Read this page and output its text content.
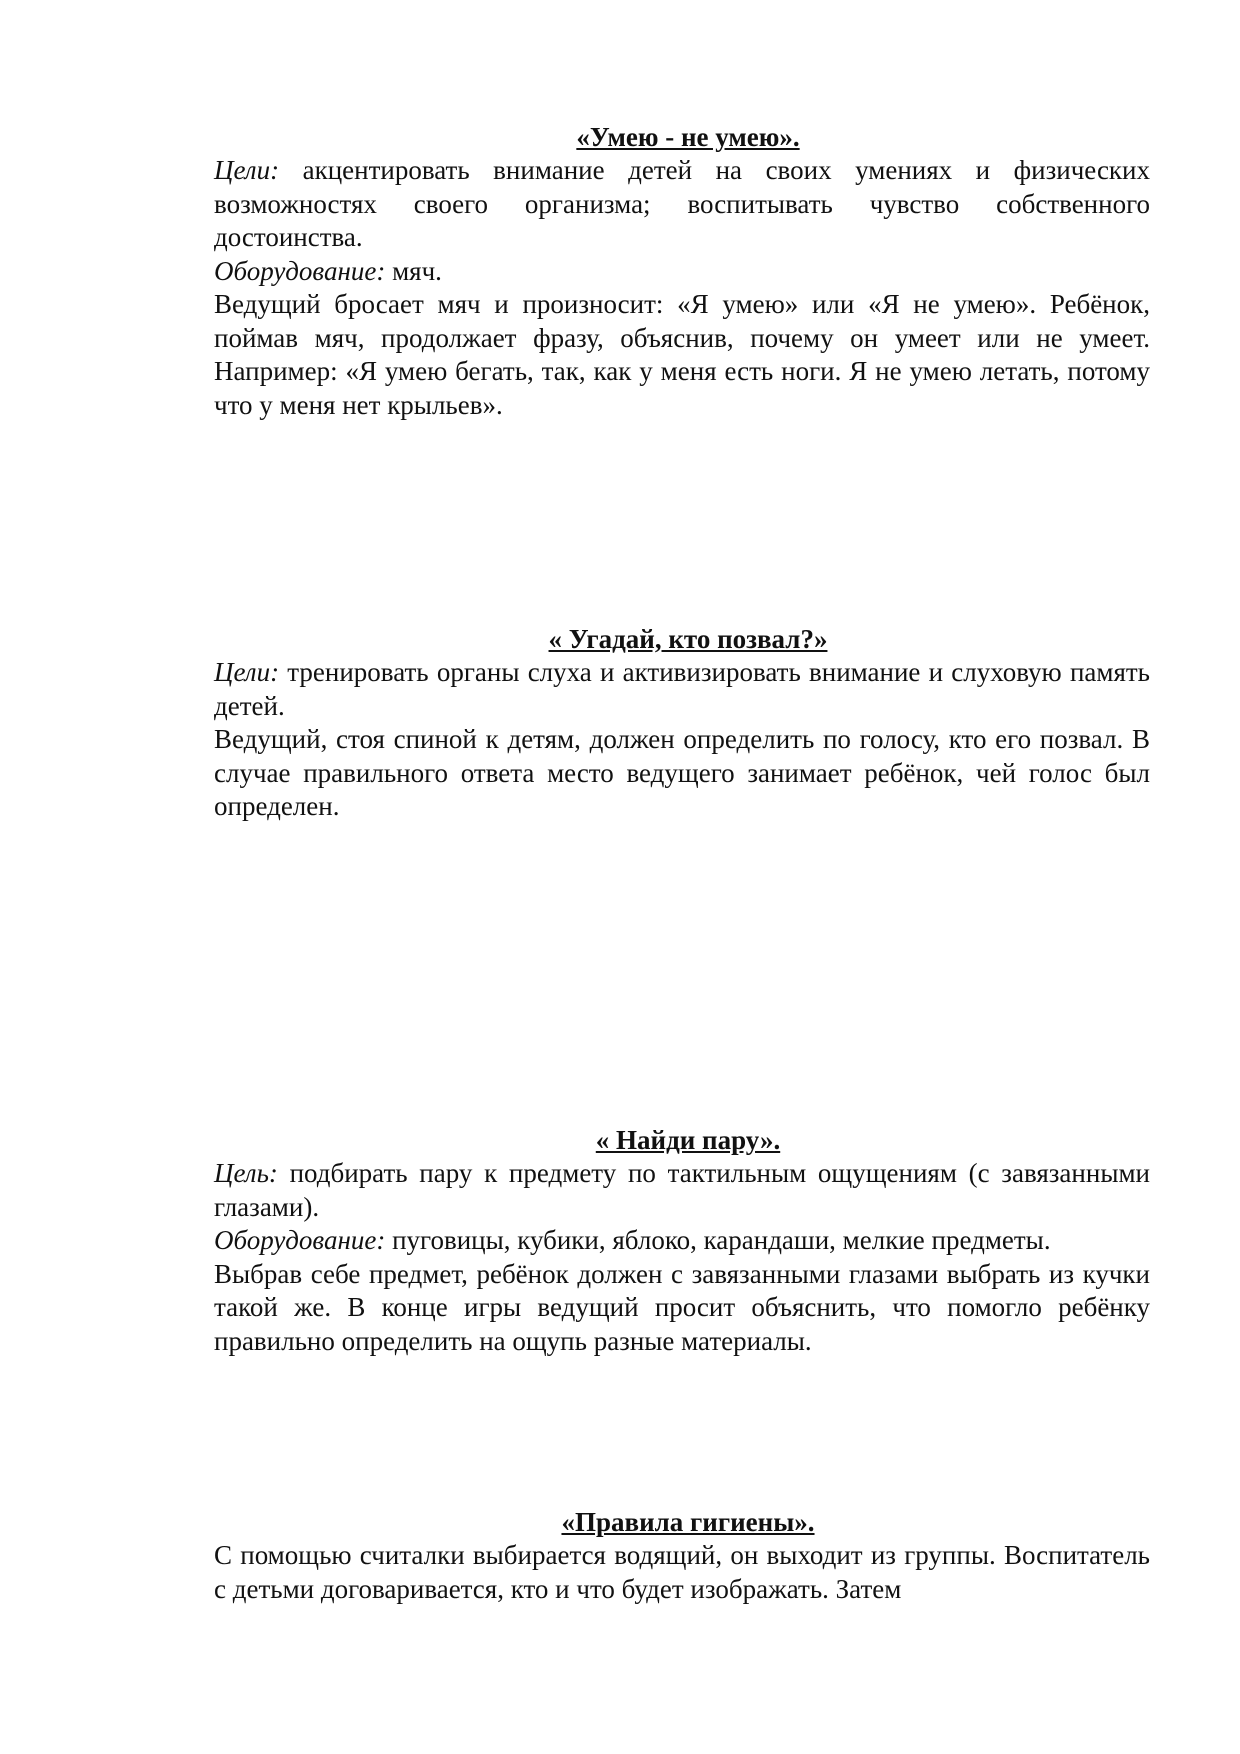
«Умею - не умею».

Цели: акцентировать внимание детей на своих умениях и физических возможностях своего организма; воспитывать чувство собственного достоинства.

Оборудование: мяч.

Ведущий бросает мяч и произносит: «Я умею» или «Я не умею». Ребёнок, поймав мяч, продолжает фразу, объяснив, почему он умеет или не умеет. Например: «Я умею бегать, так, как у меня есть ноги. Я не умею летать, потому что у меня нет крыльев».

« Угадай, кто позвал?»

Цели: тренировать органы слуха и активизировать внимание и слуховую память детей.

Ведущий, стоя спиной к детям, должен определить по голосу, кто его позвал. В случае правильного ответа место ведущего занимает ребёнок, чей голос был определен.

« Найди пару».

Цель: подбирать пару к предмету по тактильным ощущениям (с завязанными глазами).

Оборудование: пуговицы, кубики, яблоко, карандаши, мелкие предметы.

Выбрав себе предмет, ребёнок должен с завязанными глазами выбрать из кучки такой же. В конце игры ведущий просит объяснить, что помогло ребёнку правильно определить на ощупь разные материалы.

«Правила гигиены».

С помощью считалки выбирается водящий, он выходит из группы. Воспитатель с детьми договаривается, кто и что будет изображать. Затем
